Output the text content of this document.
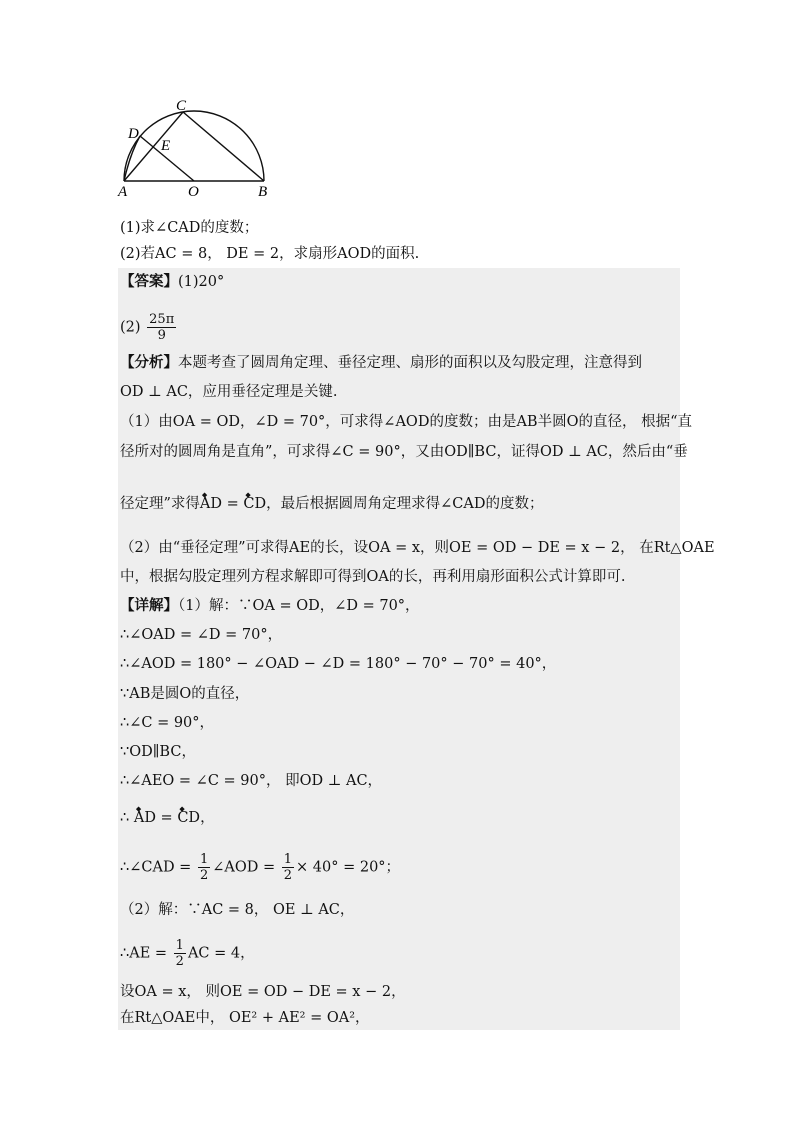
A	O	B
C
D
E
(1)求∠CAD的度数；
(2)若AC = 8， DE = 2，求扇形AOD的面积.
【答案】(1)20°
$(2) \frac{25\pi}{9}$
【分析】本题考查了圆周角定理、垂径定理、扇形的面积以及勾股定理，注意得到
OD ⊥ AC，应用垂径定理是关键.
（1）由OA = OD，∠D = 70°，可求得∠AOD的度数；由是AB半圆O的直径， 根据“直
径所对的圆周角是直角”，可求得∠C = 90°，又由OD∥BC，证得OD ⊥ AC，然后由“垂
径定理”求得◆ AD = ◆ CD，最后根据圆周角定理求得∠CAD的度数；
（2）由“垂径定理”可求得AE的长，设OA = x，则OE = OD − DE = x − 2， 在Rt△OAE
中，根据勾股定理列方程求解即可得到OA的长，再利用扇形面积公式计算即可.
【详解】（1）解：∵OA = OD，∠D = 70°，
∴∠OAD = ∠D = 70°，
∴∠AOD = 180° − ∠OAD − ∠D = 180° − 70° − 70° = 40°，
∵AB是圆O的直径，
∴∠C = 90°，
∵OD∥BC，
∴∠AEO = ∠C = 90°， 即OD ⊥ AC，
∴ ◆ AD = ◆ CD，
∴∠CAD = $\frac{1}{2}$ ∠AOD = $\frac{1}{2} \times 40^\circ = 20^\circ$；
（2）解：∵AC = 8， OE ⊥ AC，
∴AE = $\frac{1}{2}$ AC = 4，
设OA = x， 则OE = OD − DE = x − 2，
在Rt△OAE中， OE² + AE² = OA²，
